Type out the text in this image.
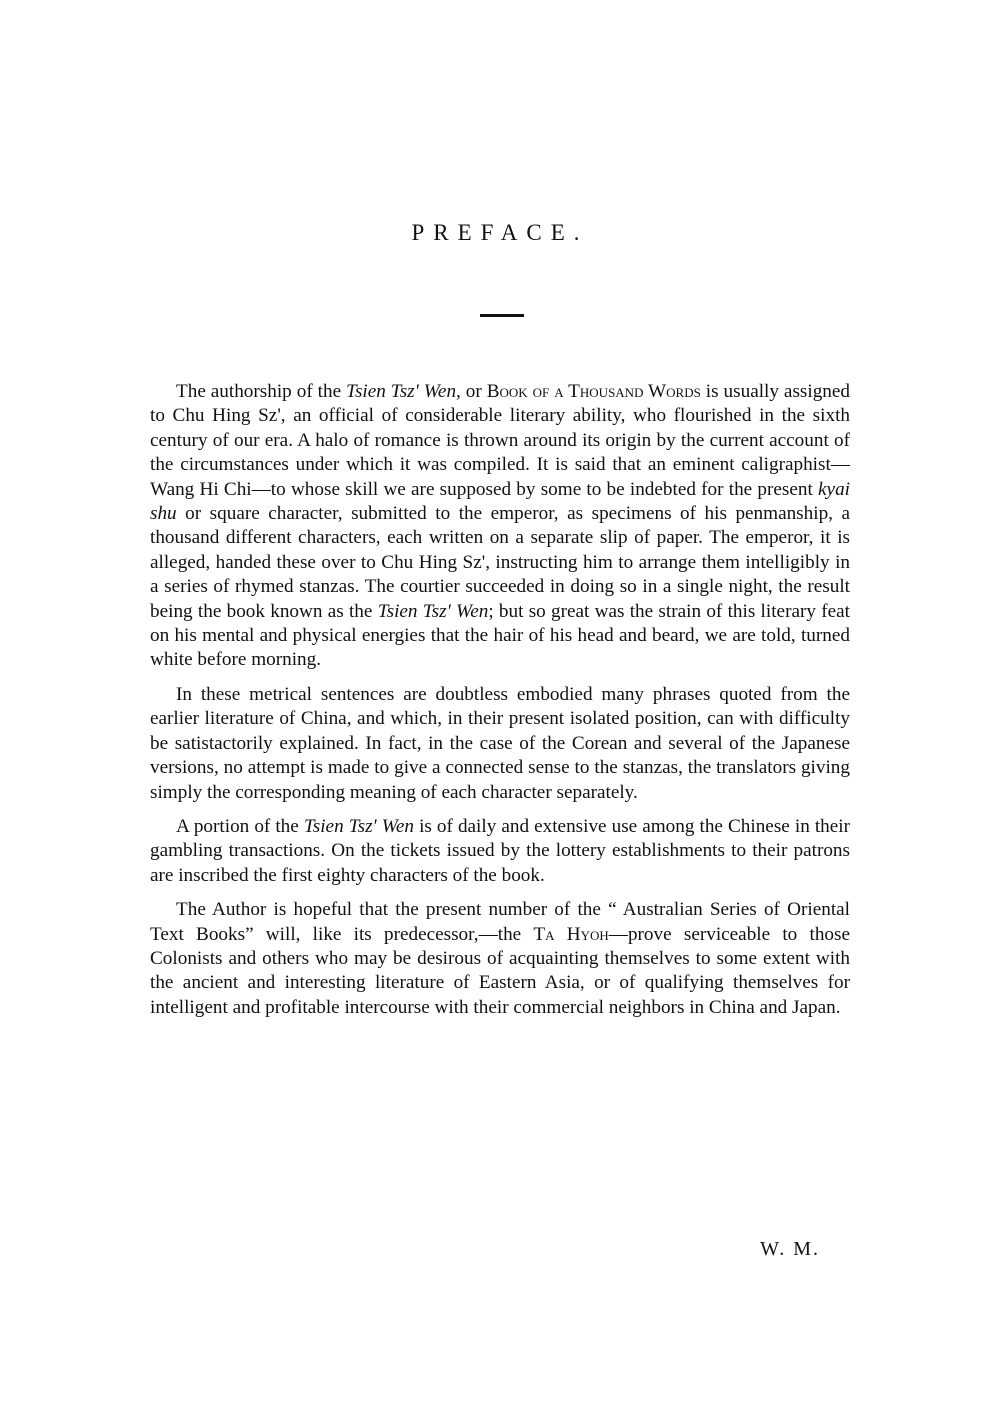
PREFACE.

The authorship of the Tsien Tsz' Wen, or Book of a Thousand Words is usually assigned to Chu Hing Sz', an official of considerable literary ability, who flourished in the sixth century of our era. A halo of romance is thrown around its origin by the current account of the circumstances under which it was compiled. It is said that an eminent caligraphist—Wang Hi Chi—to whose skill we are supposed by some to be indebted for the present kyai shu or square character, submitted to the emperor, as specimens of his penmanship, a thousand different characters, each written on a separate slip of paper. The emperor, it is alleged, handed these over to Chu Hing Sz', instructing him to arrange them intelligibly in a series of rhymed stanzas. The courtier succeeded in doing so in a single night, the result being the book known as the Tsien Tsz' Wen; but so great was the strain of this literary feat on his mental and physical energies that the hair of his head and beard, we are told, turned white before morning.

In these metrical sentences are doubtless embodied many phrases quoted from the earlier literature of China, and which, in their present isolated position, can with difficulty be satistactorily explained. In fact, in the case of the Corean and several of the Japanese versions, no attempt is made to give a connected sense to the stanzas, the translators giving simply the corresponding meaning of each character separately.

A portion of the Tsien Tsz' Wen is of daily and extensive use among the Chinese in their gambling transactions. On the tickets issued by the lottery establishments to their patrons are inscribed the first eighty characters of the book.

The Author is hopeful that the present number of the “ Australian Series of Oriental Text Books” will, like its predecessor,—the Ta Hyoh—prove serviceable to those Colonists and others who may be desirous of acquainting themselves to some extent with the ancient and interesting literature of Eastern Asia, or of qualifying themselves for intelligent and profitable intercourse with their commercial neighbors in China and Japan.

W. M.
